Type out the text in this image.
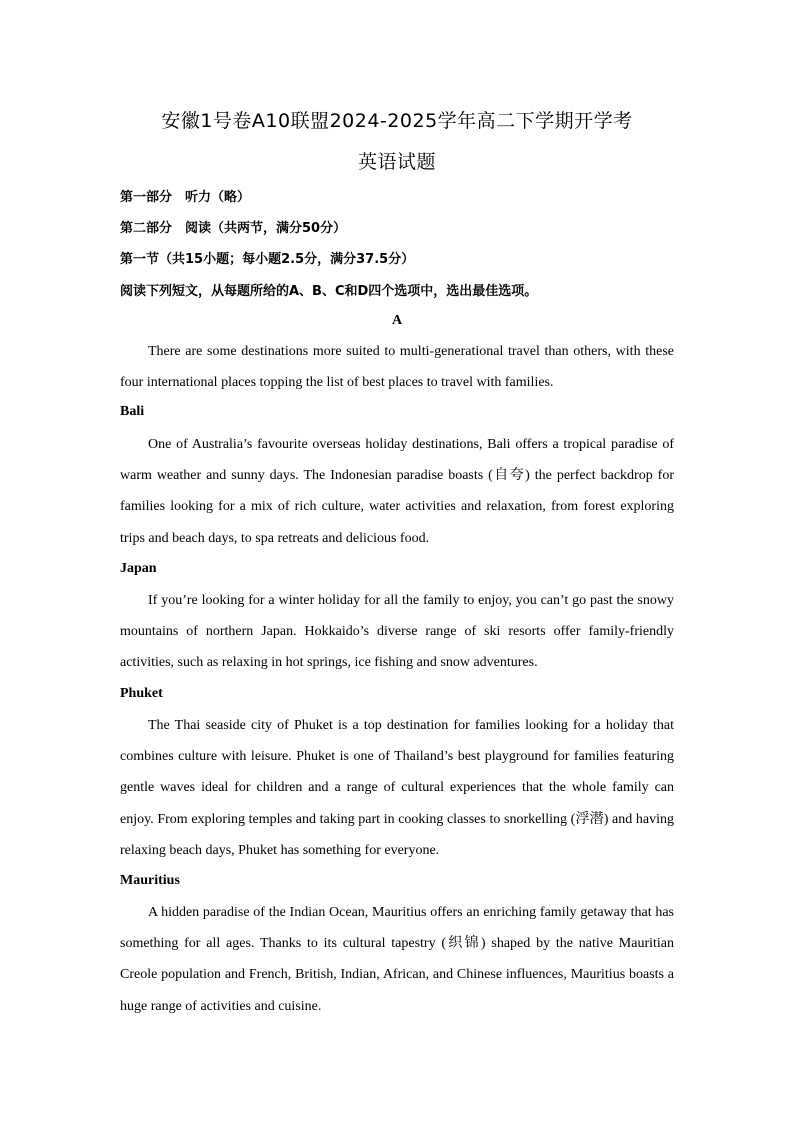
安徽1号卷A10联盟2024-2025学年高二下学期开学考
英语试题
第一部分　听力（略）
第二部分　阅读（共两节，满分50分）
第一节（共15小题；每小题2.5分，满分37.5分）
阅读下列短文，从每题所给的A、B、C和D四个选项中，选出最佳选项。
A
There are some destinations more suited to multi-generational travel than others, with these four international places topping the list of best places to travel with families.
Bali
One of Australia’s favourite overseas holiday destinations, Bali offers a tropical paradise of warm weather and sunny days. The Indonesian paradise boasts (自夸) the perfect backdrop for families looking for a mix of rich culture, water activities and relaxation, from forest exploring trips and beach days, to spa retreats and delicious food.
Japan
If you’re looking for a winter holiday for all the family to enjoy, you can’t go past the snowy mountains of northern Japan. Hokkaido’s diverse range of ski resorts offer family-friendly activities, such as relaxing in hot springs, ice fishing and snow adventures.
Phuket
The Thai seaside city of Phuket is a top destination for families looking for a holiday that combines culture with leisure. Phuket is one of Thailand’s best playground for families featuring gentle waves ideal for children and a range of cultural experiences that the whole family can enjoy. From exploring temples and taking part in cooking classes to snorkelling (浮潜) and having relaxing beach days, Phuket has something for everyone.
Mauritius
A hidden paradise of the Indian Ocean, Mauritius offers an enriching family getaway that has something for all ages. Thanks to its cultural tapestry (织锦) shaped by the native Mauritian Creole population and French, British, Indian, African, and Chinese influences, Mauritius boasts a huge range of activities and cuisine.
